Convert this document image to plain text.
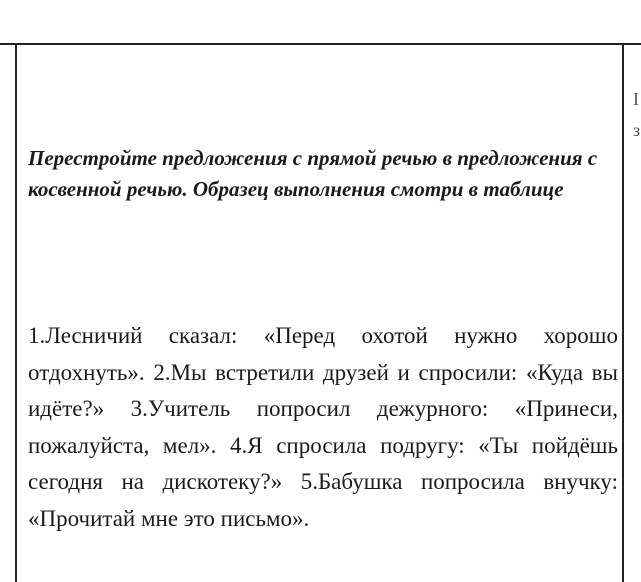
I
з

Перестройте предложения с прямой речью в предложения с косвенной речью. Образец выполнения смотри в таблице

1.Лесничий сказал: «Перед охотой нужно хорошо отдохнуть». 2.Мы встретили друзей и спросили: «Куда вы идёте?» 3.Учитель попросил дежурного: «Принеси, пожалуйста, мел». 4.Я спросила подругу: «Ты пойдёшь сегодня на дискотеку?» 5.Бабушка попросила внучку: «Прочитай мне это письмо».
